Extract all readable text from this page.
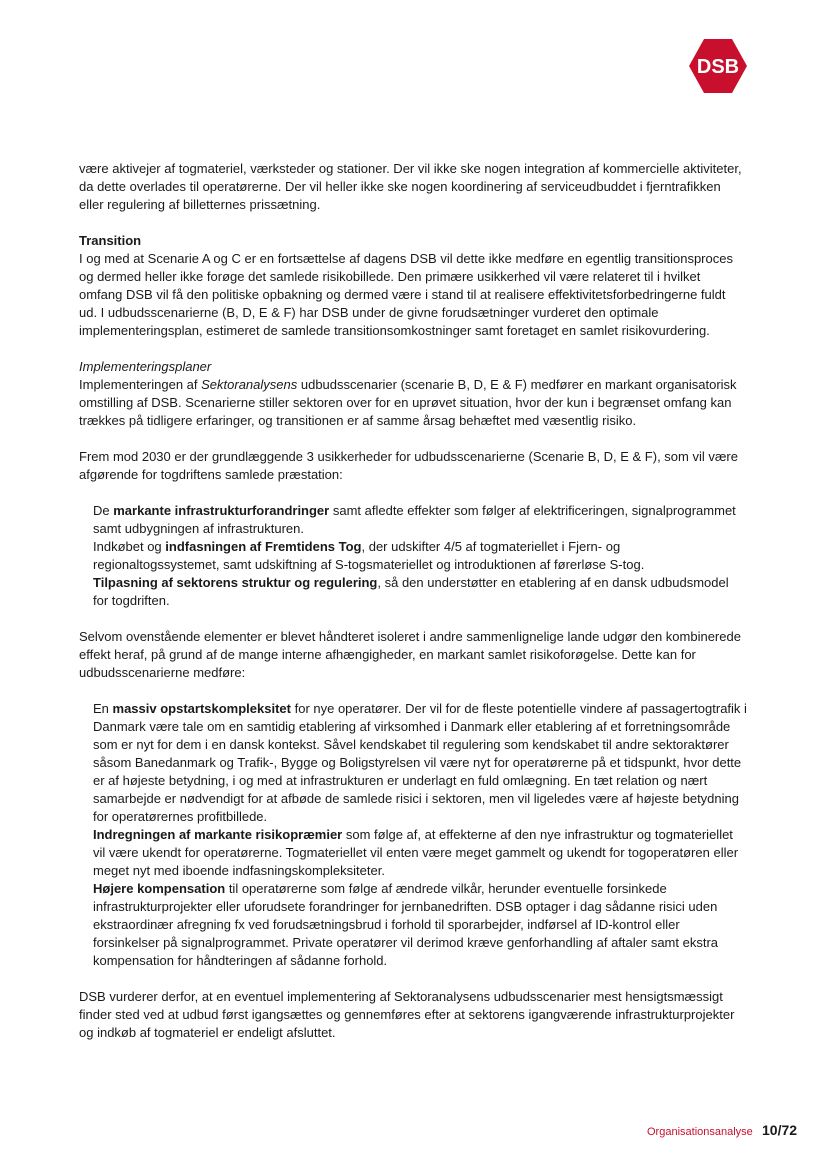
DSB

være aktivejer af togmateriel, værksteder og stationer. Der vil ikke ske nogen integration af kommercielle aktiviteter, da dette overlades til operatørerne. Der vil heller ikke ske nogen koordinering af serviceudbuddet i fjerntrafikken eller regulering af billetternes prissætning.

Transition

I og med at Scenarie A og C er en fortsættelse af dagens DSB vil dette ikke medføre en egentlig transitionsproces og dermed heller ikke forøge det samlede risikobillede. Den primære usikkerhed vil være relateret til i hvilket omfang DSB vil få den politiske opbakning og dermed være i stand til at realisere effektivitetsforbedringerne fuldt ud. I udbudsscenarierne (B, D, E & F) har DSB under de givne forudsætninger vurderet den optimale implementeringsplan, estimeret de samlede transitionsomkostninger samt foretaget en samlet risikovurdering.

Implementeringsplaner

Implementeringen af Sektoranalysens udbudsscenarier (scenarie B, D, E & F) medfører en markant organisatorisk omstilling af DSB. Scenarierne stiller sektoren over for en uprøvet situation, hvor der kun i begrænset omfang kan trækkes på tidligere erfaringer, og transitionen er af samme årsag behæftet med væsentlig risiko.

Frem mod 2030 er der grundlæggende 3 usikkerheder for udbudsscenarierne (Scenarie B, D, E & F), som vil være afgørende for togdriftens samlede præstation:

De markante infrastrukturforandringer samt afledte effekter som følger af elektrificeringen, signalprogrammet samt udbygningen af infrastrukturen.

Indkøbet og indfasningen af Fremtidens Tog, der udskifter 4/5 af togmateriellet i Fjern- og regionaltogssystemet, samt udskiftning af S-togsmateriellet og introduktionen af førerløse S-tog.

Tilpasning af sektorens struktur og regulering, så den understøtter en etablering af en dansk udbudsmodel for togdriften.

Selvom ovenstående elementer er blevet håndteret isoleret i andre sammenlignelige lande udgør den kombinerede effekt heraf, på grund af de mange interne afhængigheder, en markant samlet risikoforøgelse. Dette kan for udbudsscenarierne medføre:

En massiv opstartskompleksitet for nye operatører. Der vil for de fleste potentielle vindere af passagertogtrafik i Danmark være tale om en samtidig etablering af virksomhed i Danmark eller etablering af et forretningsområde som er nyt for dem i en dansk kontekst. Såvel kendskabet til regulering som kendskabet til andre sektoraktører såsom Banedanmark og Trafik-, Bygge og Boligstyrelsen vil være nyt for operatørerne på et tidspunkt, hvor dette er af højeste betydning, i og med at infrastrukturen er underlagt en fuld omlægning. En tæt relation og nært samarbejde er nødvendigt for at afbøde de samlede risici i sektoren, men vil ligeledes være af højeste betydning for operatørernes profitbillede.

Indregningen af markante risikopræmier som følge af, at effekterne af den nye infrastruktur og togmateriellet vil være ukendt for operatørerne. Togmateriellet vil enten være meget gammelt og ukendt for togoperatøren eller meget nyt med iboende indfasningskompleksiteter.

Højere kompensation til operatørerne som følge af ændrede vilkår, herunder eventuelle forsinkede infrastrukturprojekter eller uforudsete forandringer for jernbanedriften. DSB optager i dag sådanne risici uden ekstraordinær afregning fx ved forudsætningsbrud i forhold til sporarbejder, indførsel af ID-kontrol eller forsinkelser på signalprogrammet. Private operatører vil derimod kræve genforhandling af aftaler samt ekstra kompensation for håndteringen af sådanne forhold.

DSB vurderer derfor, at en eventuel implementering af Sektoranalysens udbudsscenarier mest hensigtsmæssigt finder sted ved at udbud først igangsættes og gennemføres efter at sektorens igangværende infrastrukturprojekter og indkøb af togmateriel er endeligt afsluttet.

Organisationsanalyse 10/72
